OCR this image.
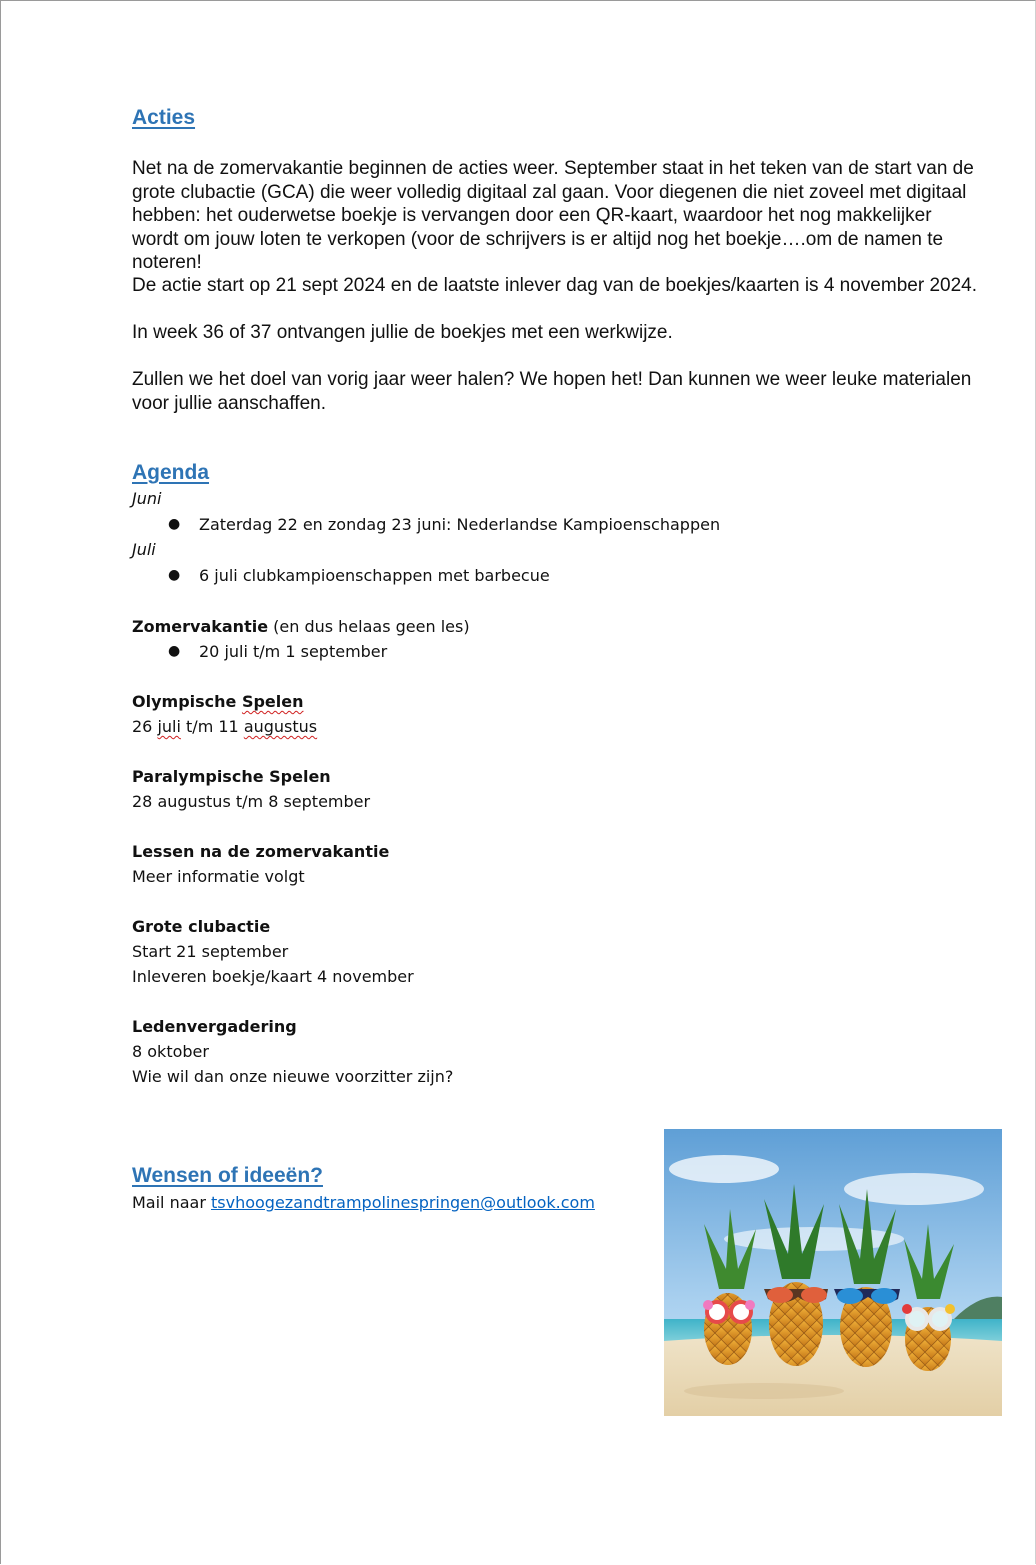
Acties

Net na de zomervakantie beginnen de acties weer. September staat in het teken van de start van de grote clubactie (GCA) die weer volledig digitaal zal gaan. Voor diegenen die niet zoveel met digitaal hebben: het ouderwetse boekje is vervangen door een QR-kaart, waardoor het nog makkelijker wordt om jouw loten te verkopen (voor de schrijvers is er altijd nog het boekje….om de namen te noteren!

De actie start op 21 sept 2024 en de laatste inlever dag van de boekjes/kaarten is 4 november 2024.

In week 36 of 37 ontvangen jullie de boekjes met een werkwijze.

Zullen we het doel van vorig jaar weer halen? We hopen het! Dan kunnen we weer leuke materialen voor jullie aanschaffen.

Agenda
Juni
● Zaterdag 22 en zondag 23 juni: Nederlandse Kampioenschappen
Juli
● 6 juli clubkampioenschappen met barbecue
Zomervakantie (en dus helaas geen les)
● 20 juli t/m 1 september
Olympische Spelen
26 juli t/m 11 augustus
Paralympische Spelen
28 augustus t/m 8 september
Lessen na de zomervakantie
Meer informatie volgt
Grote clubactie
Start 21 september
Inleveren boekje/kaart 4 november
Ledenvergadering
8 oktober
Wie wil dan onze nieuwe voorzitter zijn?
Wensen of ideeën?
Mail naar tsvhoogezandtrampolinespringen@outlook.com
